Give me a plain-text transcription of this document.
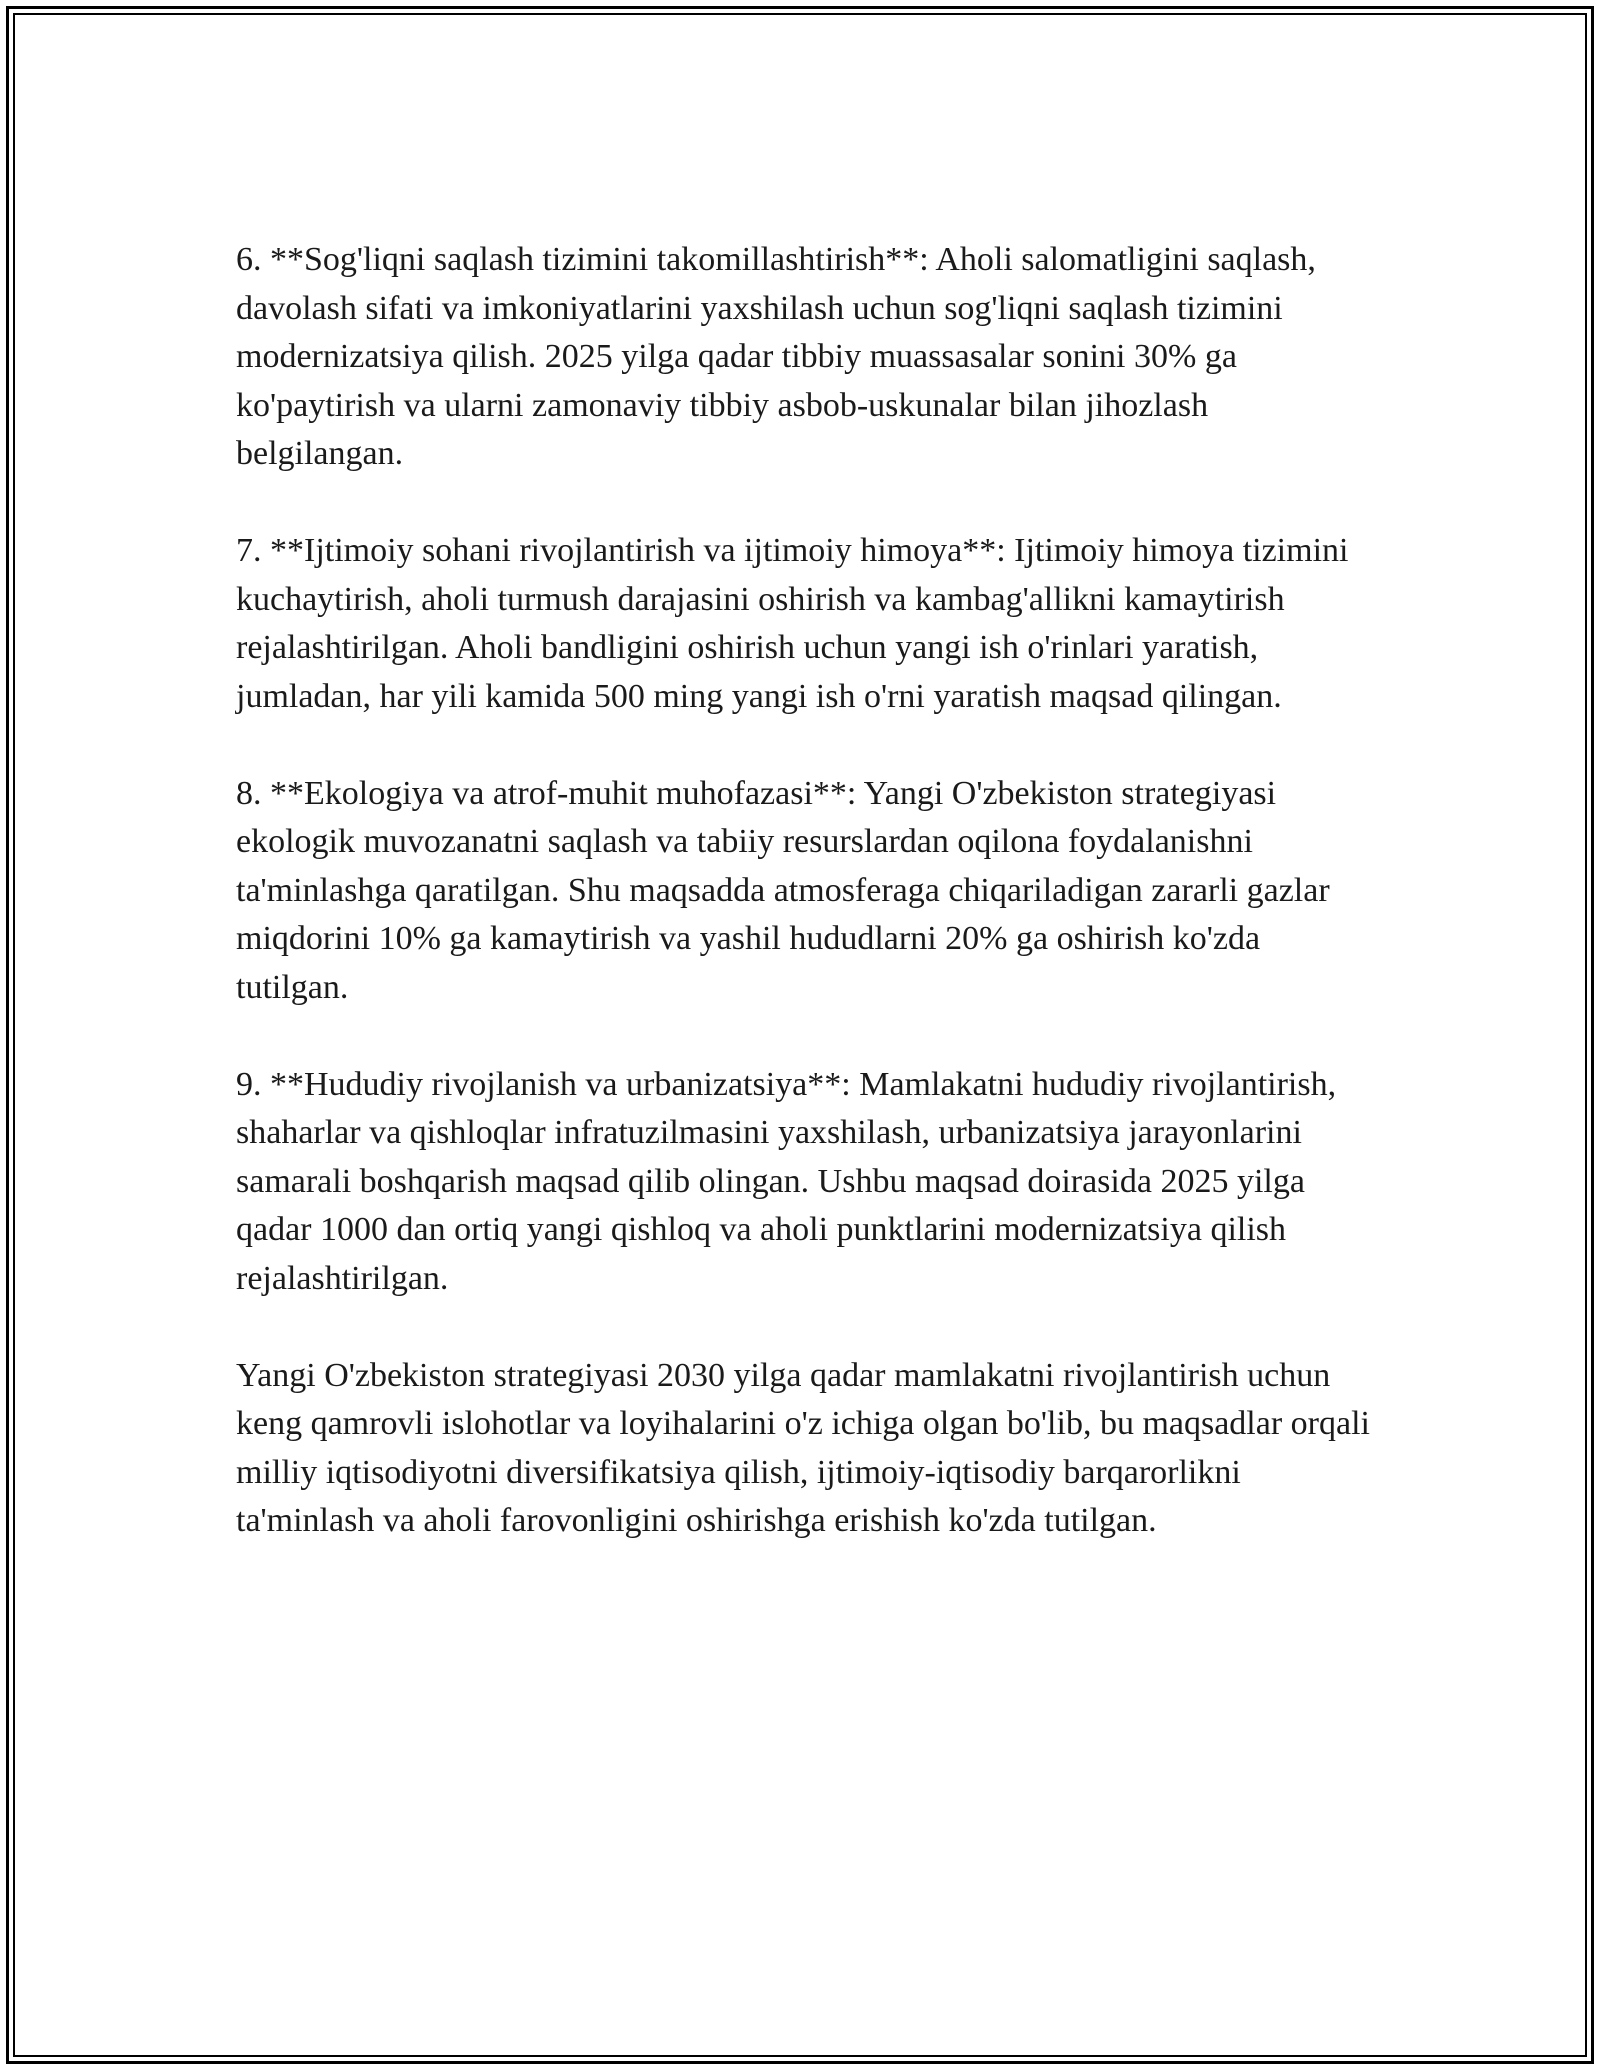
6. **Sog'liqni saqlash tizimini takomillashtirish**: Aholi salomatligini saqlash, davolash sifati va imkoniyatlarini yaxshilash uchun sog'liqni saqlash tizimini modernizatsiya qilish. 2025 yilga qadar tibbiy muassasalar sonini 30% ga ko'paytirish va ularni zamonaviy tibbiy asbob-uskunalar bilan jihozlash belgilangan.

7. **Ijtimoiy sohani rivojlantirish va ijtimoiy himoya**: Ijtimoiy himoya tizimini kuchaytirish, aholi turmush darajasini oshirish va kambag'allikni kamaytirish rejalashtirilgan. Aholi bandligini oshirish uchun yangi ish o'rinlari yaratish, jumladan, har yili kamida 500 ming yangi ish o'rni yaratish maqsad qilingan.

8. **Ekologiya va atrof-muhit muhofazasi**: Yangi O'zbekiston strategiyasi ekologik muvozanatni saqlash va tabiiy resurslardan oqilona foydalanishni ta'minlashga qaratilgan. Shu maqsadda atmosferaga chiqariladigan zararli gazlar miqdorini 10% ga kamaytirish va yashil hududlarni 20% ga oshirish ko'zda tutilgan.

9. **Hududiy rivojlanish va urbanizatsiya**: Mamlakatni hududiy rivojlantirish, shaharlar va qishloqlar infratuzilmasini yaxshilash, urbanizatsiya jarayonlarini samarali boshqarish maqsad qilib olingan. Ushbu maqsad doirasida 2025 yilga qadar 1000 dan ortiq yangi qishloq va aholi punktlarini modernizatsiya qilish rejalashtirilgan.

Yangi O'zbekiston strategiyasi 2030 yilga qadar mamlakatni rivojlantirish uchun keng qamrovli islohotlar va loyihalarini o'z ichiga olgan bo'lib, bu maqsadlar orqali milliy iqtisodiyotni diversifikatsiya qilish, ijtimoiy-iqtisodiy barqarorlikni ta'minlash va aholi farovonligini oshirishga erishish ko'zda tutilgan.
